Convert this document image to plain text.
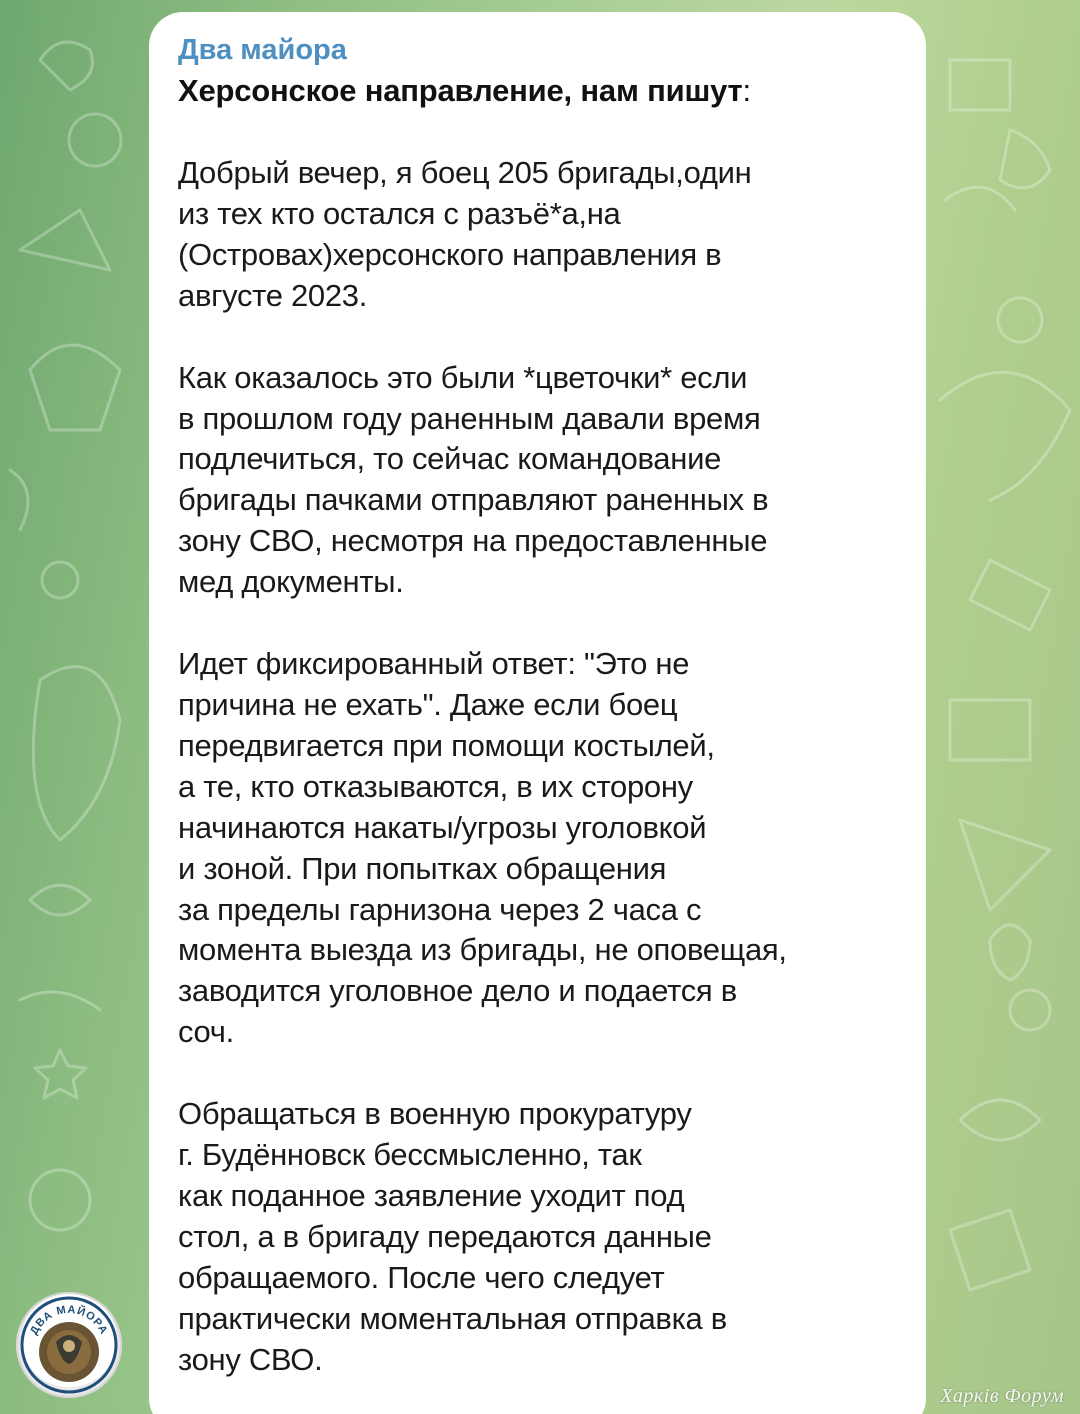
ДВА МАЙОРА
Два майора
Херсонское направление, нам пишут:
Добрый вечер, я боец 205 бригады,один
из тех кто остался с разъё*а,на
(Островах)херсонского направления в
августе 2023.
Как оказалось это были *цветочки* если
в прошлом году раненным давали время
подлечиться, то сейчас командование
бригады пачками отправляют раненных в
зону СВО, несмотря на предоставленные
мед документы.
Идет фиксированный ответ: "Это не
причина не ехать". Даже если боец
передвигается при помощи костылей,
а те, кто отказываются, в их сторону
начинаются накаты/угрозы уголовкой
и зоной. При попытках обращения
за пределы гарнизона через 2 часа с
момента выезда из бригады, не оповещая,
заводится уголовное дело и подается в
соч.
Обращаться в военную прокуратуру
г. Будённовск бессмысленно, так
как поданное заявление уходит под
стол, а в бригаду передаются данные
обращаемого. После чего следует
практически моментальная отправка в
зону СВО.
Харків Форум
